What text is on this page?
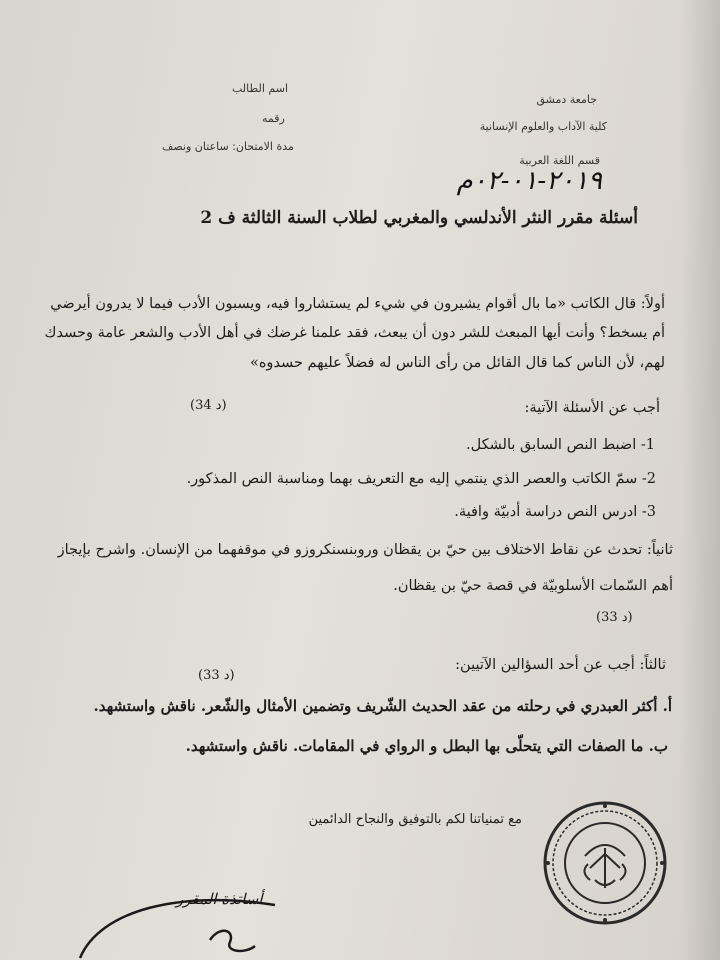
جامعة دمشق
كلية الآداب والعلوم الإنسانية
قسم اللغة العربية
اسم الطالب
رقمه
مدة الامتحان: ساعتان ونصف
٢٠١٩-٠١-٠٢م
أسئلة مقرر النثر الأندلسي والمغربي لطلاب السنة الثالثة ف 2
أولاً: قال الكاتب «ما بال أقوام يشيرون في شيء لم يستشاروا فيه، ويسبون الأدب فيما لا يدرون أيرضي
أم يسخط؟ وأنت أيها المبعث للشر دون أن يبعث، فقد علمنا غرضك في أهل الأدب والشعر عامة وحسدك
لهم، لأن الناس كما قال القائل من رأى الناس له فضلاً عليهم حسدوه»
أجب عن الأسئلة الآتية:
(34 د)
1- اضبط النص السابق بالشكل.
2- سمّ الكاتب والعصر الذي ينتمي إليه مع التعريف بهما ومناسبة النص المذكور.
3- ادرس النص دراسة أدبيّة وافية.
ثانياً: تحدث عن نقاط الاختلاف بين حيّ بن يقظان وروبنسنكروزو في موقفهما من الإنسان. واشرح بإيجاز
أهم السّمات الأسلوبيّة في قصة حيّ بن يقظان.
(33 د)
ثالثاً: أجب عن أحد السؤالين الآتيين:
(33 د)
أ. أكثر العبدري في رحلته من عقد الحديث الشّريف وتضمين الأمثال والشّعر. ناقش واستشهد.
ب. ما الصفات التي يتحلّى بها البطل و الرواي في المقامات. ناقش واستشهد.
مع تمنياتنا لكم بالتوفيق والنجاح الدائمين
أساتذة المقرر
